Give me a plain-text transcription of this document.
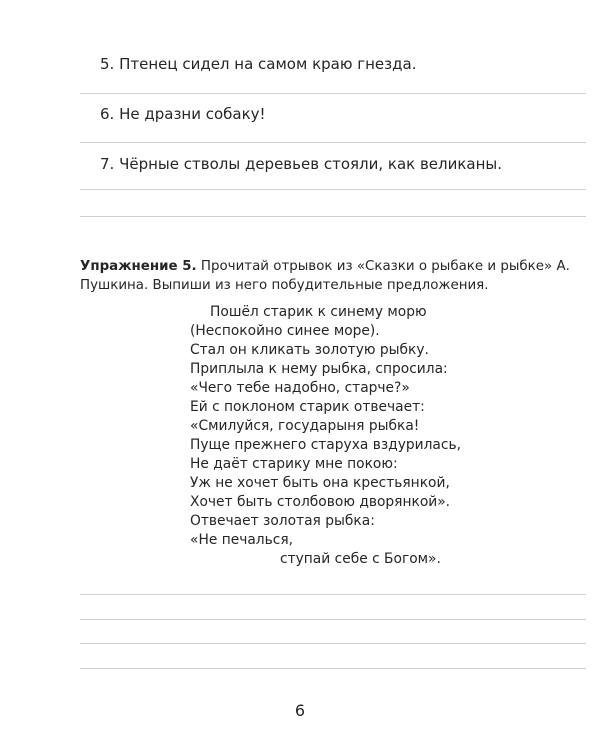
5. Птенец сидел на самом краю гнезда.
6. Не дразни собаку!
7. Чёрные стволы деревьев стояли, как великаны.
Упражнение 5. Прочитай отрывок из «Сказки о рыбаке и рыбке» А. Пушкина. Выпиши из него побудительные предложения.
Пошёл старик к синему морю
(Неспокойно синее море).
Стал он кликать золотую рыбку.
Приплыла к нему рыбка, спросила:
«Чего тебе надобно, старче?»
Ей с поклоном старик отвечает:
«Смилуйся, государыня рыбка!
Пуще прежнего старуха вздурилась,
Не даёт старику мне покою:
Уж не хочет быть она крестьянкой,
Хочет быть столбовою дворянкой».
Отвечает золотая рыбка:
«Не печалься,
ступай себе с Богом».
6
